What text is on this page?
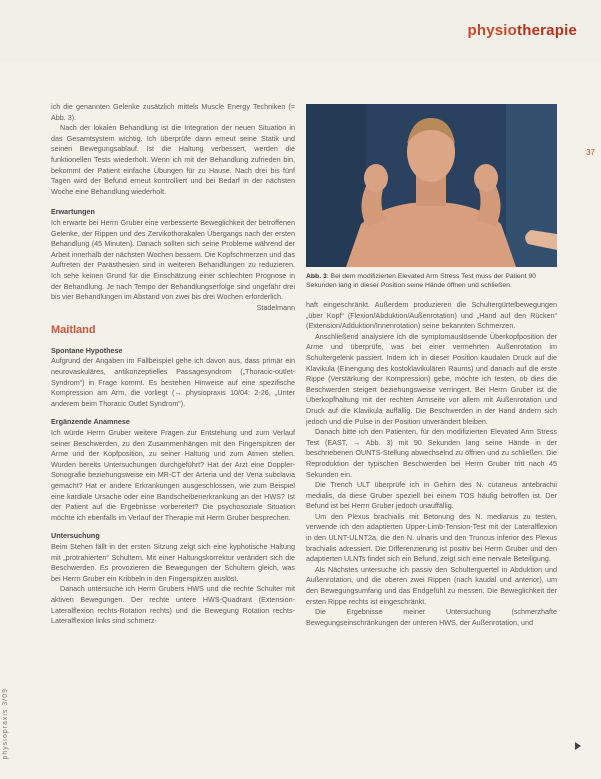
physiotherapie
37
physiopraxis 3/09

ich die genannten Gelenke zusätzlich mittels Muscle Energy Techniken (= Abb. 3).

Nach der lokalen Behandlung ist die Integration der neuen Situation in das Gesamtsystem wichtig. Ich überprüfe dann erneut seine Statik und seinen Bewegungsablauf. Ist die Haltung verbessert, werden die funktionellen Tests wiederholt. Wenn ich mit der Behandlung zufrieden bin, bekommt der Patient einfache Übungen für zu Hause. Nach drei bis fünf Tagen wird der Befund erneut kontrolliert und bei Bedarf in der nächsten Woche eine Behandlung wiederholt.

Erwartungen

Ich erwarte bei Herrn Gruber eine verbesserte Beweglichkeit der betroffenen Gelenke, der Rippen und des Zervikothorakalen Übergangs nach der ersten Behandlung (45 Minuten). Danach sollten sich seine Probleme während der Arbeit innerhalb der nächsten Wochen bessern. Die Kopfschmerzen und das Auftreten der Parästhesien sind in weiteren Behandlungen zu reduzieren. Ich sehe keinen Grund für die Einschätzung einer schlechten Prognose in der Behandlung. Je nach Tempo der Behandlungserfolge sind ungefähr drei bis vier Behandlungen im Abstand von zwei bis drei Wochen erforderlich.

Stadelmann

Maitland

Spontane Hypothese

Aufgrund der Angaben im Fallbeispiel gehe ich davon aus, dass primär ein neurovaskuläres, antikonzeptielles Passagesyndrom („Thoracic-outlet-Syndrom“) in Frage kommt. Es bestehen Hinweise auf eine spezifische Kompression am Arm, die vorliegt (→ physiopraxis 10/04: 2-26, „Unter anderem beim Thoracic Outlet Syndrom“).

Ergänzende Anamnese

Ich würde Herrn Gruber weitere Fragen zur Entstehung und zum Verlauf seiner Beschwerden, zu den Zusammenhängen mit den Fingerspitzen der Arme und der Kopfposition, zu seiner Haltung und zum Atmen stellen. Wurden bereits Untersuchungen durchgeführt? Hat der Arzt eine Doppler-Sonografie beziehungsweise ein MR-CT der Arteria und der Vena subclavia gemacht? Hat er andere Erkrankungen ausgeschlossen, wie zum Beispiel eine kardiale Ursache oder eine Bandscheibenerkrankung an der HWS? Ist der Patient auf die Ergebnisse vorbereitet? Die psychosoziale Situation möchte ich ebenfalls im Verlauf der Therapie mit Herrn Gruber besprechen.

Untersuchung

Beim Stehen fällt in der ersten Sitzung zeigt sich eine kyphotische Haltung mit „protrahierten“ Schultern. Mit einer Haltungskorrektur verändert sich die Beschwerden. Es provozieren die Bewegungen der Schultern gleich, was bei Herrn Gruber ein Kribbeln in den Fingerspitzen auslöst.

Danach untersuche ich Herrn Grubers HWS und die rechte Schulter mit aktiven Bewegungen. Der rechte untere HWS-Quadrant (Extension-Lateralflexion rechts-Rotation rechts) und die Bewegung Rotation rechts-Lateralflexion links sind schmerz-

Abb. 3: Bei dem modifizierten Elevated Arm Stress Test muss der Patient 90 Sekunden lang in dieser Position seine Hände öffnen und schließen.

haft eingeschränkt. Außerdem produzieren die Schultergürtelbewegungen „über Kopf“ (Flexion/Abduktion/Außenrotation) und „Hand auf den Rücken“ (Extension/Adduktion/Innenrotation) seine bekannten Schmerzen.

Anschließend analysiere ich die symptomauslösende Überkopfposition der Arme und überprüfe, was bei einer vermehrten Außenrotation im Schultergelenk passiert. Indem ich in dieser Position kaudalen Druck auf die Klavikula (Einengung des kostoklavikulären Raums) und danach auf die erste Rippe (Verstärkung der Kompression) gebe, möchte ich testen, ob dies die Beschwerden steigert beziehungsweise verringert. Bei Herrn Gruber ist die Überkopfhaltung mit der rechten Armseite vor allem mit Außenrotation und Druck auf die Klavikula auffällig. Die Beschwerden in der Hand ändern sich jedoch und die Pulse in der Position unverändert bleiben.

Danach bitte ich den Patienten, für den modifizierten Elevated Arm Stress Test (EAST, → Abb. 3) mit 90 Sekunden lang seine Hände in der beschriebenen OUNTS-Stellung abwechselnd zu öffnen und zu schließen. Die Reproduktion der typischen Beschwerden bei Herrn Gruber tritt nach 45 Sekunden ein.

Die Trench ULT überprüfe ich in Gehirn des N. cutaneus antebrachii medialis, da diese Gruber speziell bei einem TOS häufig betroffen ist. Der Befund ist bei Herrn Gruber jedoch unauffällig.

Um den Plexus brachialis mit Betonung des N. medianus zu testen, verwende ich den adaptierten Upper-Limb-Tension-Test mit der Lateralflexion in den ULNT-ULNT2a, die den N. ulnaris und den Truncus inferior des Plexus brachialis adressiert. Die Differenzierung ist positiv bei Herrn Gruber und den adaptierten ULNTs findet sich ein Befund, zeigt sich eine nervale Beteiligung.

Als Nächstes untersuche ich passiv den Schulterguertel in Abduktion und Außenrotation, und die oberen zwei Rippen (nach kaudal und anterior), um den Bewegungsumfang und das Endgefühl zu messen. Die Beweglichkeit der ersten Rippe rechts ist eingeschränkt.

Die Ergebnisse meiner Untersuchung (schmerzhafte Bewegungseinschränkungen der unteren HWS, der Außenrotation, und
